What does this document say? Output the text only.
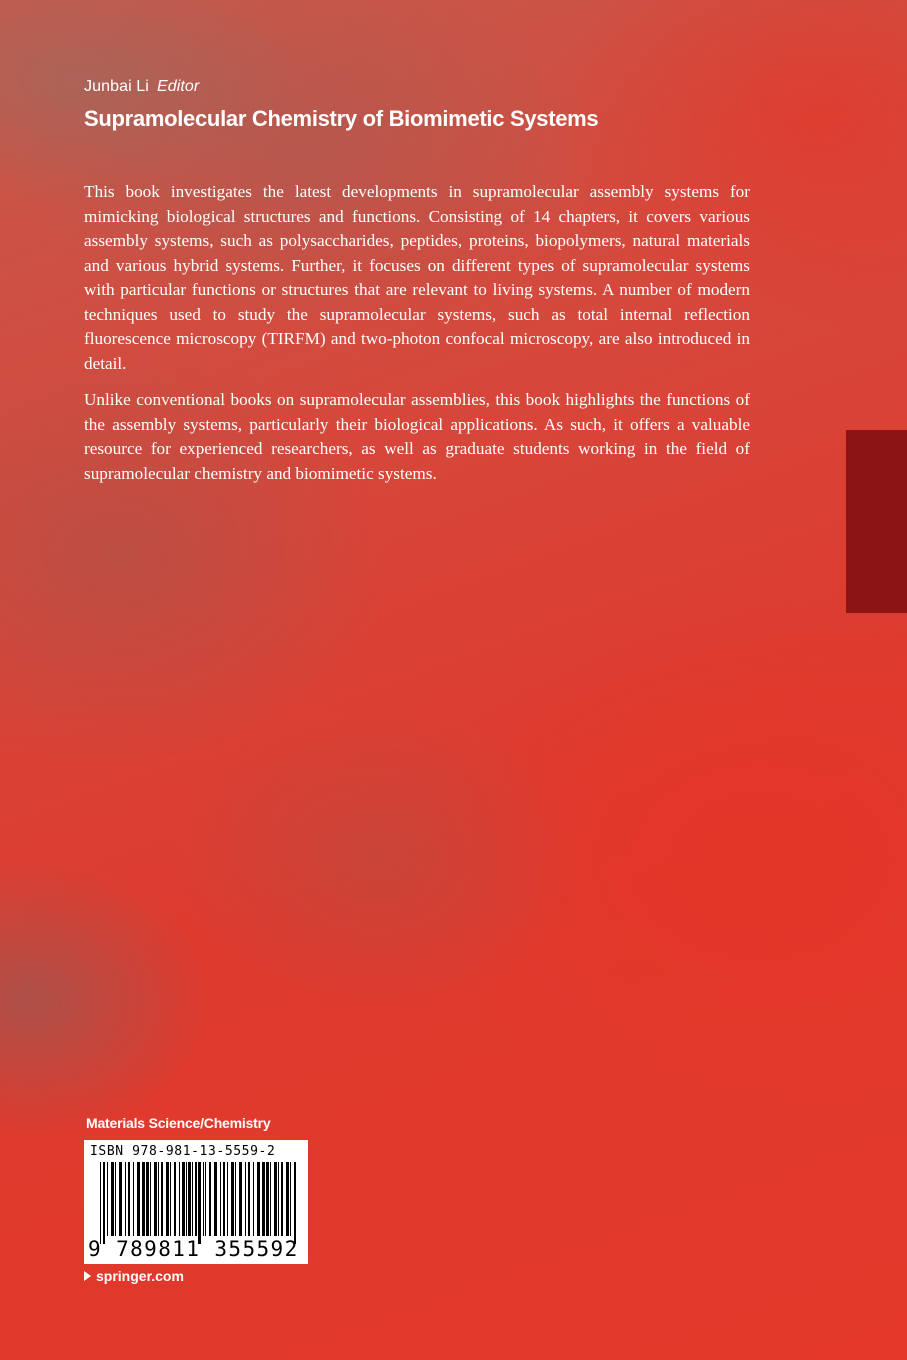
Junbai Li Editor
Supramolecular Chemistry of Biomimetic Systems

This book investigates the latest developments in supramolecular assembly systems for mimicking biological structures and functions. Consisting of 14 chapters, it covers various assembly systems, such as polysaccharides, peptides, proteins, biopolymers, natural materials and various hybrid systems. Further, it focuses on different types of supramolecular systems with particular functions or structures that are relevant to living systems. A number of modern techniques used to study the supramolecular systems, such as total internal reflection fluorescence microscopy (TIRFM) and two-photon confocal microscopy, are also introduced in detail.

Unlike conventional books on supramolecular assemblies, this book highlights the functions of the assembly systems, particularly their biological applications. As such, it offers a valuable resource for experienced researchers, as well as graduate students working in the field of supramolecular chemistry and biomimetic systems.

Materials Science/Chemistry
ISBN 978-981-13-5559-2
9 789811 355592
springer.com
